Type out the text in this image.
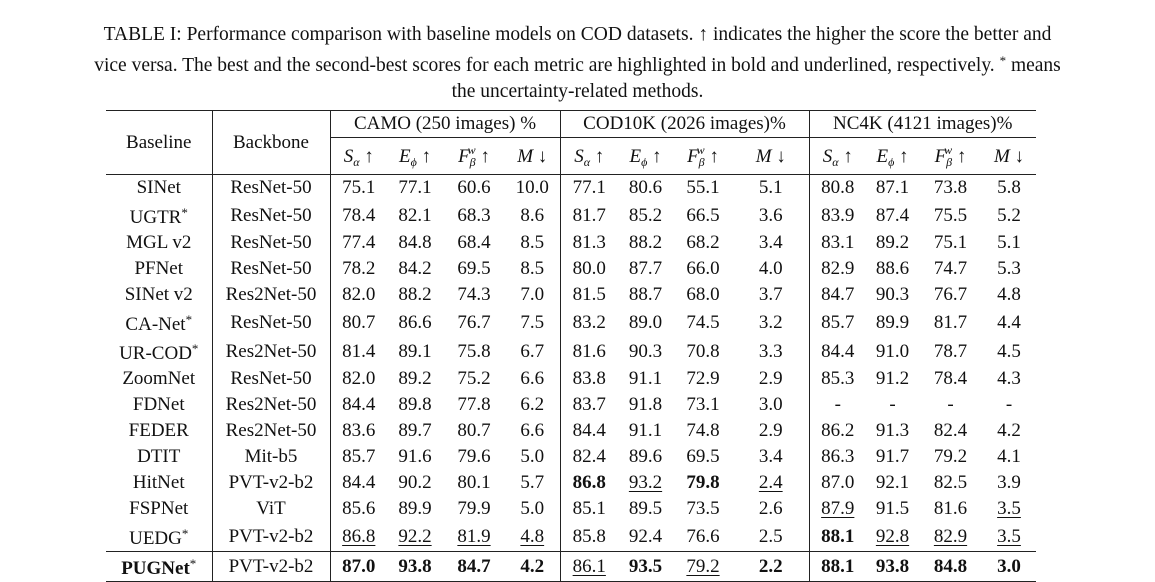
TABLE I: Performance comparison with baseline models on COD datasets. ↑ indicates the higher the score the better and
vice versa. The best and the second-best scores for each metric are highlighted in bold and underlined, respectively. * means
the uncertainty-related methods.
Baseline	Backbone	CAMO (250 images) %				COD10K (2026 images)%				NC4K (4121 images)%			
		$S_\alpha$ ↑	$E_\phi$ ↑	$F_\beta^w$ ↑	M ↓	$S_\alpha$ ↑	$E_\phi$ ↑	$F_\beta^w$ ↑	M ↓	$S_\alpha$ ↑	$E_\phi$ ↑	$F_\beta^w$ ↑	M ↓
SINet	ResNet-50	75.1	77.1	60.6	10.0	77.1	80.6	55.1	5.1	80.8	87.1	73.8	5.8
UGTR*	ResNet-50	78.4	82.1	68.3	8.6	81.7	85.2	66.5	3.6	83.9	87.4	75.5	5.2
MGL v2	ResNet-50	77.4	84.8	68.4	8.5	81.3	88.2	68.2	3.4	83.1	89.2	75.1	5.1
PFNet	ResNet-50	78.2	84.2	69.5	8.5	80.0	87.7	66.0	4.0	82.9	88.6	74.7	5.3
SINet v2	Res2Net-50	82.0	88.2	74.3	7.0	81.5	88.7	68.0	3.7	84.7	90.3	76.7	4.8
CA-Net*	ResNet-50	80.7	86.6	76.7	7.5	83.2	89.0	74.5	3.2	85.7	89.9	81.7	4.4
UR-COD*	Res2Net-50	81.4	89.1	75.8	6.7	81.6	90.3	70.8	3.3	84.4	91.0	78.7	4.5
ZoomNet	ResNet-50	82.0	89.2	75.2	6.6	83.8	91.1	72.9	2.9	85.3	91.2	78.4	4.3
FDNet	Res2Net-50	84.4	89.8	77.8	6.2	83.7	91.8	73.1	3.0	-	-	-	-
FEDER	Res2Net-50	83.6	89.7	80.7	6.6	84.4	91.1	74.8	2.9	86.2	91.3	82.4	4.2
DTIT	Mit-b5	85.7	91.6	79.6	5.0	82.4	89.6	69.5	3.4	86.3	91.7	79.2	4.1
HitNet	PVT-v2-b2	84.4	90.2	80.1	5.7	86.8	93.2	79.8	2.4	87.0	92.1	82.5	3.9
FSPNet	ViT	85.6	89.9	79.9	5.0	85.1	89.5	73.5	2.6	87.9	91.5	81.6	3.5
UEDG*	PVT-v2-b2	86.8	92.2	81.9	4.8	85.8	92.4	76.6	2.5	88.1	92.8	82.9	3.5
PUGNet*	PVT-v2-b2	87.0	93.8	84.7	4.2	86.1	93.5	79.2	2.2	88.1	93.8	84.8	3.0
